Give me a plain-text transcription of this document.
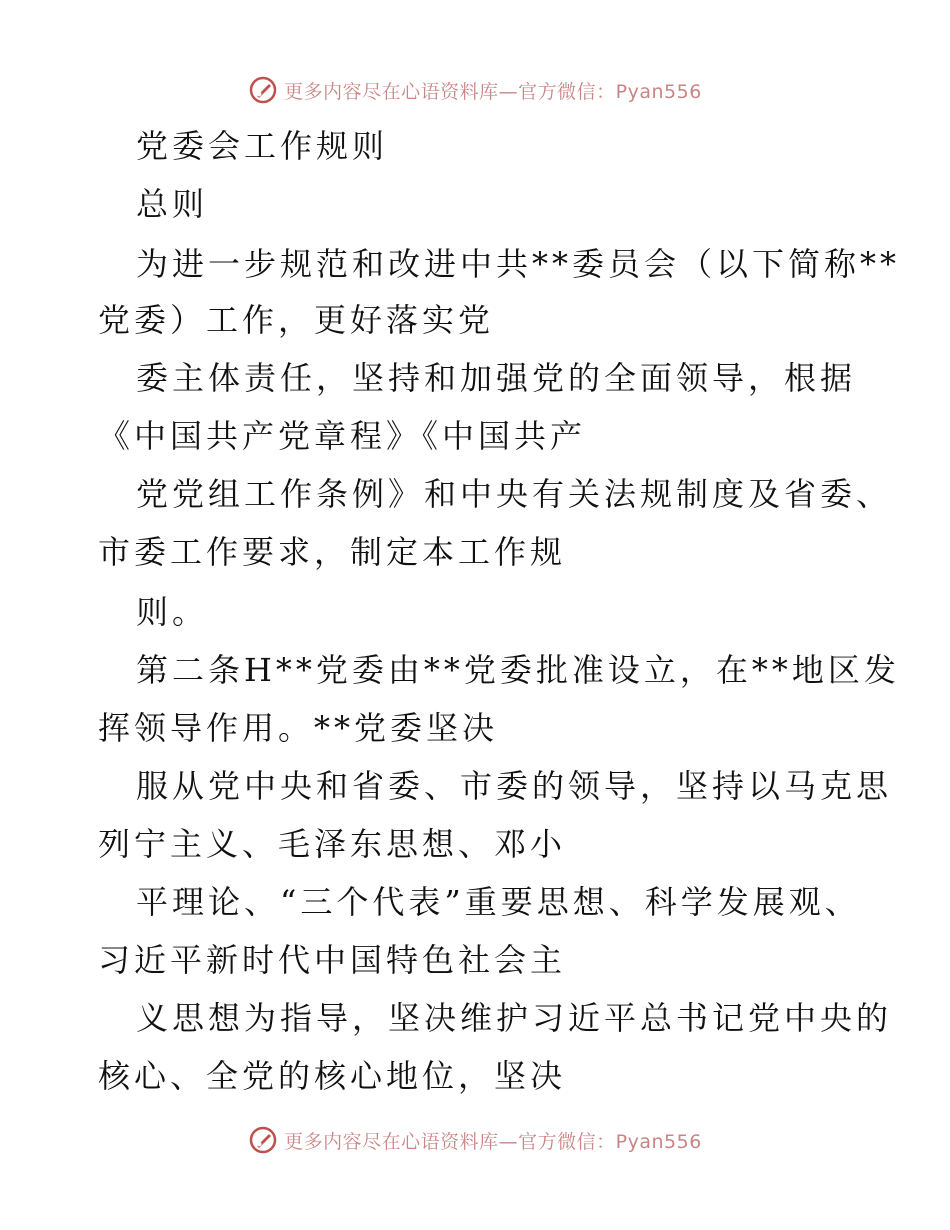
更多内容尽在心语资料库—官方微信：Pyan556
党委会工作规则
总则
为进一步规范和改进中共**委员会（以下简称**
党委）工作，更好落实党
委主体责任，坚持和加强党的全面领导，根据
《中国共产党章程》《中国共产
党党组工作条例》和中央有关法规制度及省委、
市委工作要求，制定本工作规
则。
第二条H**党委由**党委批准设立，在**地区发
挥领导作用。**党委坚决
服从党中央和省委、市委的领导，坚持以马克思
列宁主义、毛泽东思想、邓小
平理论、“三个代表”重要思想、科学发展观、
习近平新时代中国特色社会主
义思想为指导，坚决维护习近平总书记党中央的
核心、全党的核心地位，坚决
更多内容尽在心语资料库—官方微信：Pyan556
